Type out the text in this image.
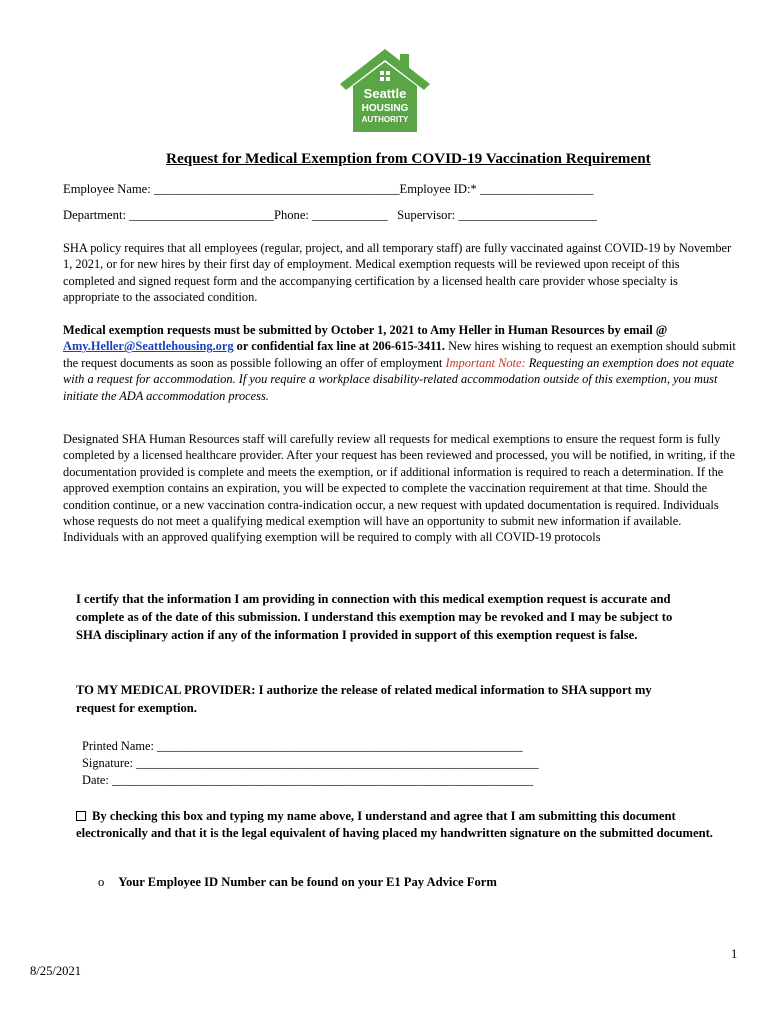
Seattle
HOUSING
AUTHORITY

Request for Medical Exemption from COVID-19 Vaccination Requirement

Employee Name: _______________________________________Employee ID:* __________________

Department: _______________________Phone: ____________ Supervisor: ______________________

SHA policy requires that all employees (regular, project, and all temporary staff) are fully vaccinated against COVID-19 by November 1, 2021, or for new hires by their first day of employment. Medical exemption requests will be reviewed upon receipt of this completed and signed request form and the accompanying certification by a licensed health care provider whose specialty is appropriate to the associated condition.

Medical exemption requests must be submitted by October 1, 2021 to Amy Heller in Human Resources by email @ Amy.Heller@Seattlehousing.org or confidential fax line at 206-615-3411. New hires wishing to request an exemption should submit the request documents as soon as possible following an offer of employment Important Note: Requesting an exemption does not equate with a request for accommodation. If you require a workplace disability-related accommodation outside of this exemption, you must initiate the ADA accommodation process.

Designated SHA Human Resources staff will carefully review all requests for medical exemptions to ensure the request form is fully completed by a licensed healthcare provider. After your request has been reviewed and processed, you will be notified, in writing, if the documentation provided is complete and meets the exemption, or if additional information is required to reach a determination. If the approved exemption contains an expiration, you will be expected to complete the vaccination requirement at that time. Should the condition continue, or a new vaccination contra-indication occur, a new request with updated documentation is required. Individuals whose requests do not meet a qualifying medical exemption will have an opportunity to submit new information if available. Individuals with an approved qualifying exemption will be required to comply with all COVID-19 protocols

I certify that the information I am providing in connection with this medical exemption request is accurate and complete as of the date of this submission. I understand this exemption may be revoked and I may be subject to SHA disciplinary action if any of the information I provided in support of this exemption request is false.

TO MY MEDICAL PROVIDER: I authorize the release of related medical information to SHA support my request for exemption.

Printed Name: ___________________________________________________________

Signature: _________________________________________________________________

Date: ____________________________________________________________________

By checking this box and typing my name above, I understand and agree that I am submitting this document electronically and that it is the legal equivalent of having placed my handwritten signature on the submitted document.

o Your Employee ID Number can be found on your E1 Pay Advice Form

1

8/25/2021
